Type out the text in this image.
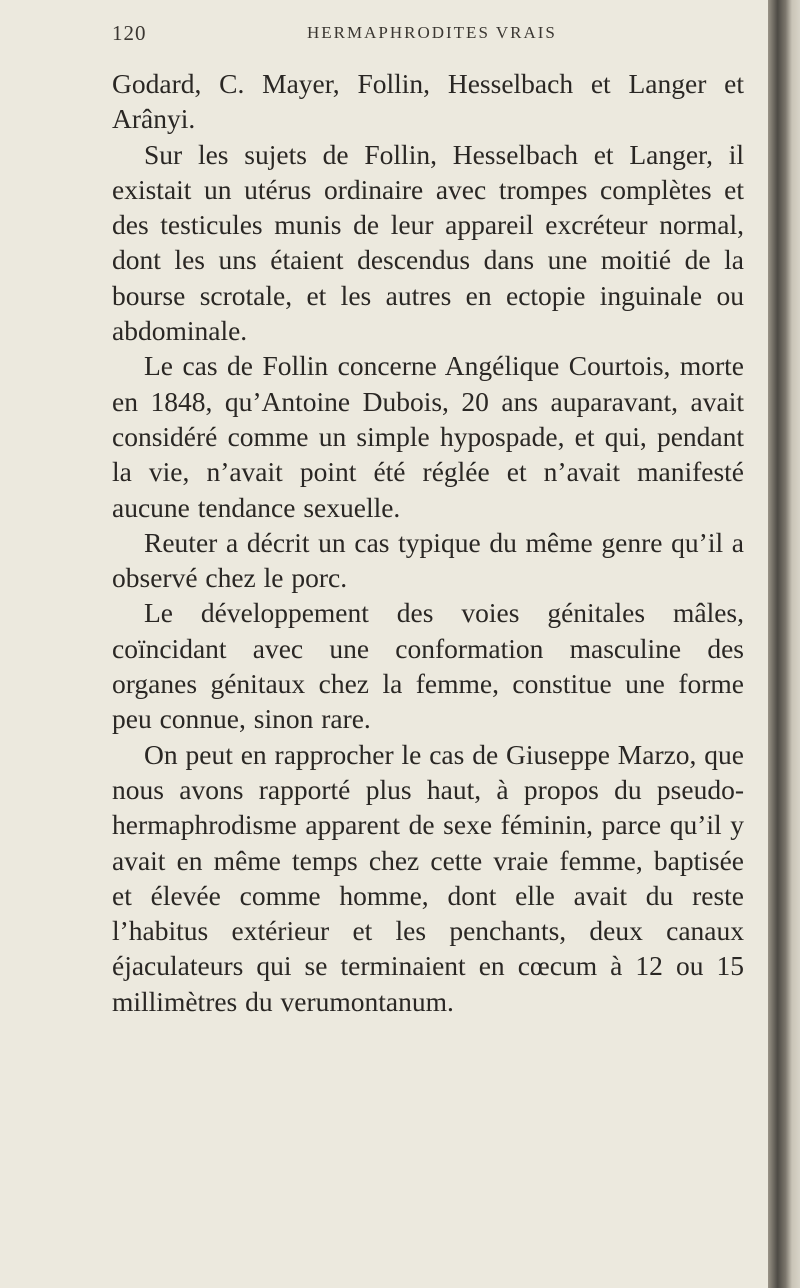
120	HERMAPHRODITES VRAIS

Godard, C. Mayer, Follin, Hesselbach et Langer et Arânyi.

Sur les sujets de Follin, Hesselbach et Langer, il existait un utérus ordinaire avec trompes complètes et des testicules munis de leur appareil excréteur normal, dont les uns étaient descendus dans une moitié de la bourse scrotale, et les autres en ectopie inguinale ou abdominale.

Le cas de Follin concerne Angélique Courtois, morte en 1848, qu’Antoine Dubois, 20 ans auparavant, avait considéré comme un simple hypospade, et qui, pendant la vie, n’avait point été réglée et n’avait manifesté aucune tendance sexuelle.

Reuter a décrit un cas typique du même genre qu’il a observé chez le porc.

Le développement des voies génitales mâles, coïncidant avec une conformation masculine des organes génitaux chez la femme, constitue une forme peu connue, sinon rare.

On peut en rapprocher le cas de Giuseppe Marzo, que nous avons rapporté plus haut, à propos du pseudo-hermaphrodisme apparent de sexe féminin, parce qu’il y avait en même temps chez cette vraie femme, baptisée et élevée comme homme, dont elle avait du reste l’habitus extérieur et les penchants, deux canaux éjaculateurs qui se terminaient en cœcum à 12 ou 15 millimètres du verumontanum.
